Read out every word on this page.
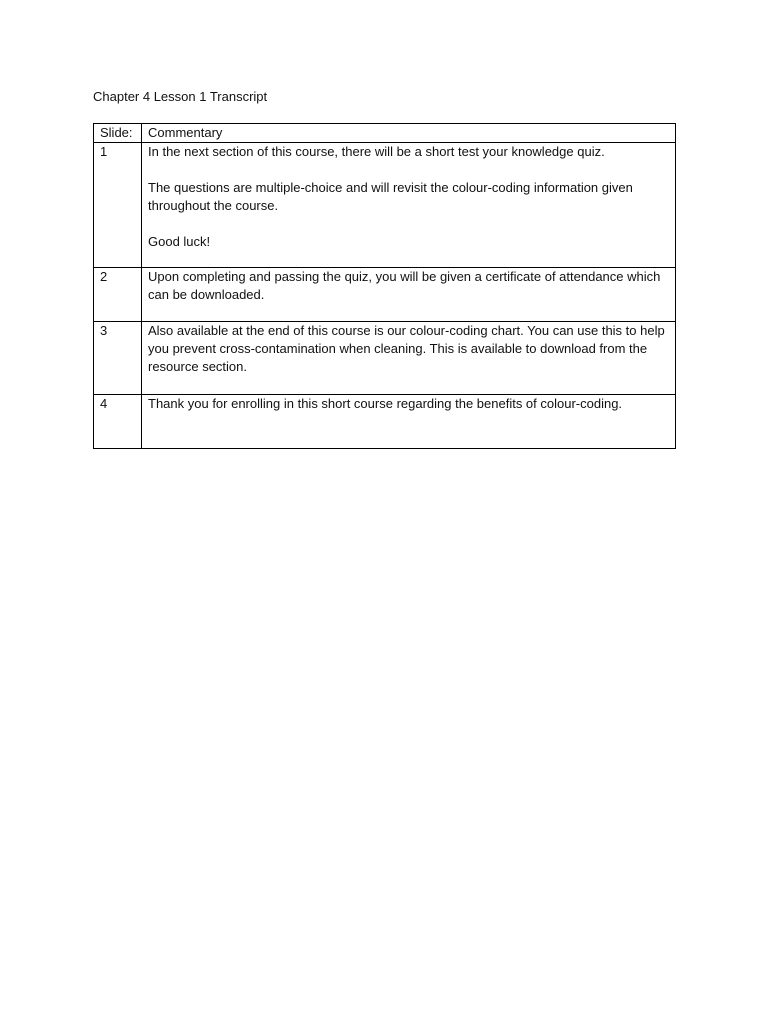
Chapter 4 Lesson 1 Transcript
Slide:	Commentary
1	In the next section of this course, there will be a short test your knowledge quiz.

The questions are multiple-choice and will revisit the colour-coding information given throughout the course.

Good luck!

2	Upon completing and passing the quiz, you will be given a certificate of attendance which can be downloaded.

3	Also available at the end of this course is our colour-coding chart. You can use this to help you prevent cross-contamination when cleaning. This is available to download from the resource section.

4	Thank you for enrolling in this short course regarding the benefits of colour-coding.
